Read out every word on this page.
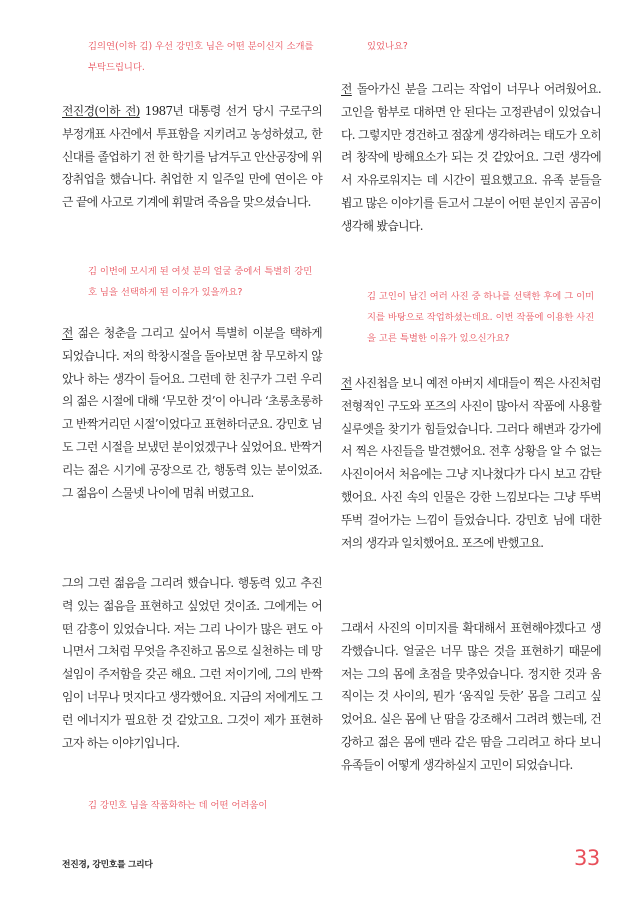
김의연(이하 김) 우선 강민호 님은 어떤 분이신지 소개를 부탁드립니다.
전진경(이하 전) 1987년 대통령 선거 당시 구로구의 부정개표 사건에서 투표함을 지키려고 농성하셨고, 한신대를 졸업하기 전 한 학기를 남겨두고 안산공장에 위장취업을 했습니다. 취업한 지 일주일 만에 연이은 야근 끝에 사고로 기계에 휘말려 죽음을 맞으셨습니다.
김 이번에 모시게 된 여섯 분의 얼굴 중에서 특별히 강민호 님을 선택하게 된 이유가 있을까요?
전 젊은 청춘을 그리고 싶어서 특별히 이분을 택하게 되었습니다. 저의 학창시절을 돌아보면 참 무모하지 않았나 하는 생각이 들어요. 그런데 한 친구가 그런 우리의 젊은 시절에 대해 ‘무모한 것’이 아니라 ‘초롱초롱하고 반짝거리던 시절’이었다고 표현하더군요. 강민호 님도 그런 시절을 보냈던 분이었겠구나 싶었어요. 반짝거리는 젊은 시기에 공장으로 간, 행동력 있는 분이었죠. 그 젊음이 스물넷 나이에 멈춰 버렸고요.
그의 그런 젊음을 그리려 했습니다. 행동력 있고 추진력 있는 젊음을 표현하고 싶었던 것이죠. 그에게는 어떤 감흥이 있었습니다. 저는 그리 나이가 많은 편도 아니면서 그처럼 무엇을 추진하고 몸으로 실천하는 데 망설임이 주저함을 갖곤 해요. 그런 저이기에, 그의 반짝임이 너무나 멋지다고 생각했어요. 지금의 저에게도 그런 에너지가 필요한 것 같았고요. 그것이 제가 표현하고자 하는 이야기입니다.
김 강민호 님을 작품화하는 데 어떤 어려움이
있었나요?
전 돌아가신 분을 그리는 작업이 너무나 어려웠어요. 고인을 함부로 대하면 안 된다는 고정관념이 있었습니다. 그렇지만 경건하고 점잖게 생각하려는 태도가 오히려 창작에 방해요소가 되는 것 같았어요. 그런 생각에서 자유로워지는 데 시간이 필요했고요. 유족 분들을 뵙고 많은 이야기를 듣고서 그분이 어떤 분인지 곰곰이 생각해 봤습니다.
김 고인이 남긴 여러 사진 중 하나를 선택한 후에 그 이미지를 바탕으로 작업하셨는데요. 이번 작품에 이용한 사진을 고른 특별한 이유가 있으신가요?
전 사진첩을 보니 예전 아버지 세대들이 찍은 사진처럼 전형적인 구도와 포즈의 사진이 많아서 작품에 사용할 실루엣을 찾기가 힘들었습니다. 그러다 해변과 강가에서 찍은 사진들을 발견했어요. 전후 상황을 알 수 없는 사진이어서 처음에는 그냥 지나쳤다가 다시 보고 감탄했어요. 사진 속의 인물은 강한 느낌보다는 그냥 뚜벅뚜벅 걸어가는 느낌이 들었습니다. 강민호 님에 대한 저의 생각과 일치했어요. 포즈에 반했고요.
그래서 사진의 이미지를 확대해서 표현해야겠다고 생각했습니다. 얼굴은 너무 많은 것을 표현하기 때문에 저는 그의 몸에 초점을 맞추었습니다. 정지한 것과 움직이는 것 사이의, 뭔가 ‘움직일 듯한’ 몸을 그리고 싶었어요. 실은 몸에 난 땀을 강조해서 그려려 했는데, 건강하고 젊은 몸에 맨라 같은 땀을 그리려고 하다 보니 유족들이 어떻게 생각하실지 고민이 되었습니다.
전진경, 강민호를 그리다	33
